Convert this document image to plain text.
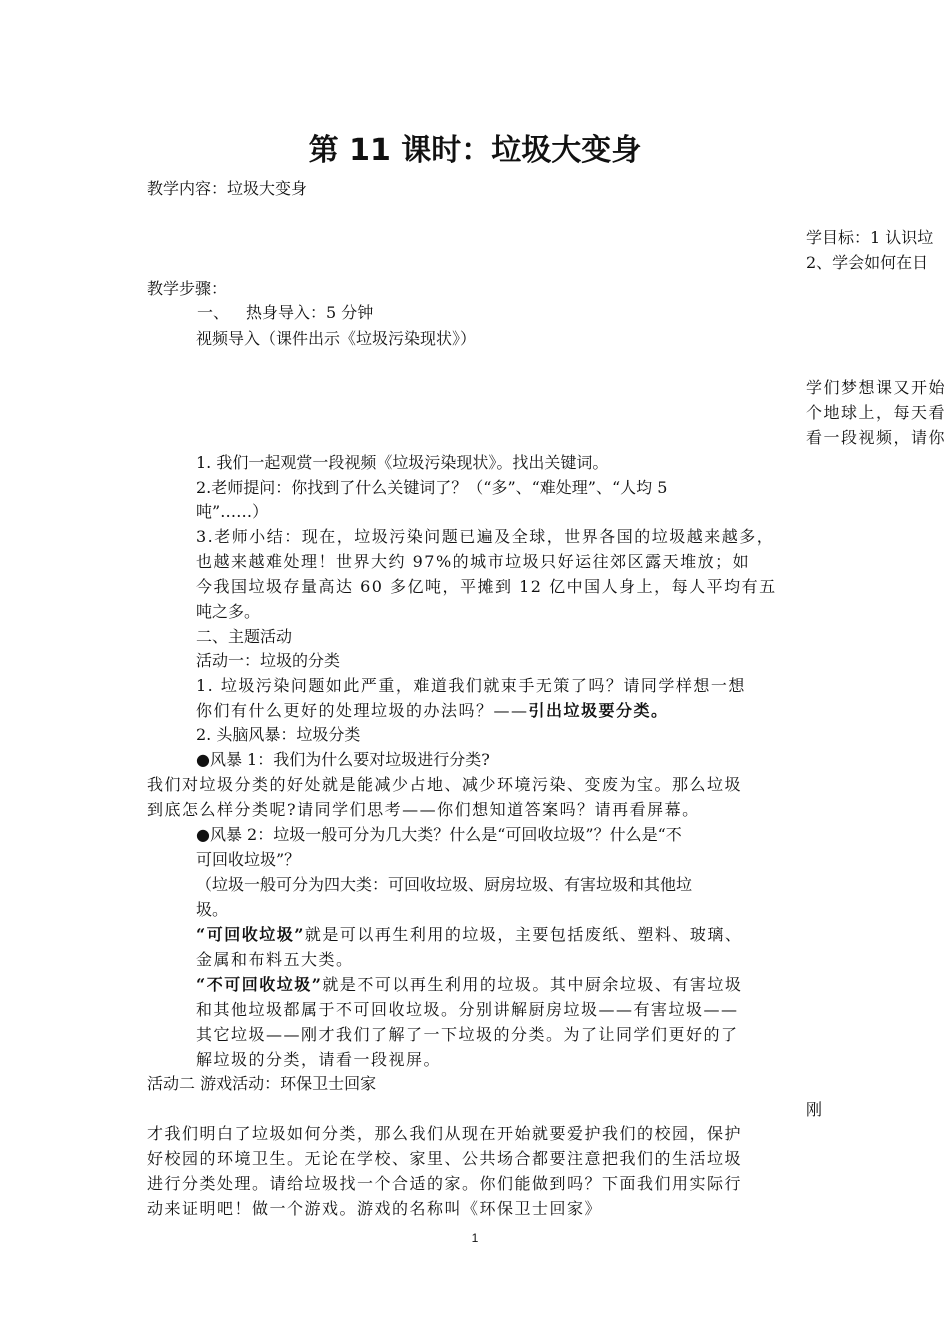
第 11 课时：垃圾大变身
教学内容：垃圾大变身
学目标：1 认识垃
2、学会如何在日
教学步骤：
一、 热身导入：5 分钟
视频导入（课件出示《垃圾污染现状》）
学们梦想课又开始
个地球上，每天看
看一段视频，请你
1. 我们一起观赏一段视频《垃圾污染现状》。找出关键词。
2.老师提问：你找到了什么关键词了？（“多”、“难处理”、“人均 5
吨”……）
3.老师小结：现在，垃圾污染问题已遍及全球，世界各国的垃圾越来越多，
也越来越难处理！世界大约 97%的城市垃圾只好运往郊区露天堆放；如
今我国垃圾存量高达 60 多亿吨，平摊到 12 亿中国人身上，每人平均有五
吨之多。
二、主题活动
活动一：垃圾的分类
1. 垃圾污染问题如此严重，难道我们就束手无策了吗？请同学样想一想
你们有什么更好的处理垃圾的办法吗？——引出垃圾要分类。
2. 头脑风暴：垃圾分类
●风暴 1：我们为什么要对垃圾进行分类?
我们对垃圾分类的好处就是能减少占地、减少环境污染、变废为宝。那么垃圾
到底怎么样分类呢?请同学们思考——你们想知道答案吗？请再看屏幕。
●风暴 2：垃圾一般可分为几大类？什么是“可回收垃圾”？什么是“不
可回收垃圾”？
（垃圾一般可分为四大类：可回收垃圾、厨房垃圾、有害垃圾和其他垃
圾。
“可回收垃圾”就是可以再生利用的垃圾，主要包括废纸、塑料、玻璃、
金属和布料五大类。
“不可回收垃圾”就是不可以再生利用的垃圾。其中厨余垃圾、有害垃圾
和其他垃圾都属于不可回收垃圾。分别讲解厨房垃圾——有害垃圾——
其它垃圾——刚才我们了解了一下垃圾的分类。为了让同学们更好的了
解垃圾的分类，请看一段视屏。
活动二 游戏活动：环保卫士回家
刚
才我们明白了垃圾如何分类，那么我们从现在开始就要爱护我们的校园，保护
好校园的环境卫生。无论在学校、家里、公共场合都要注意把我们的生活垃圾
进行分类处理。请给垃圾找一个合适的家。你们能做到吗？下面我们用实际行
动来证明吧！做一个游戏。游戏的名称叫《环保卫士回家》
1
